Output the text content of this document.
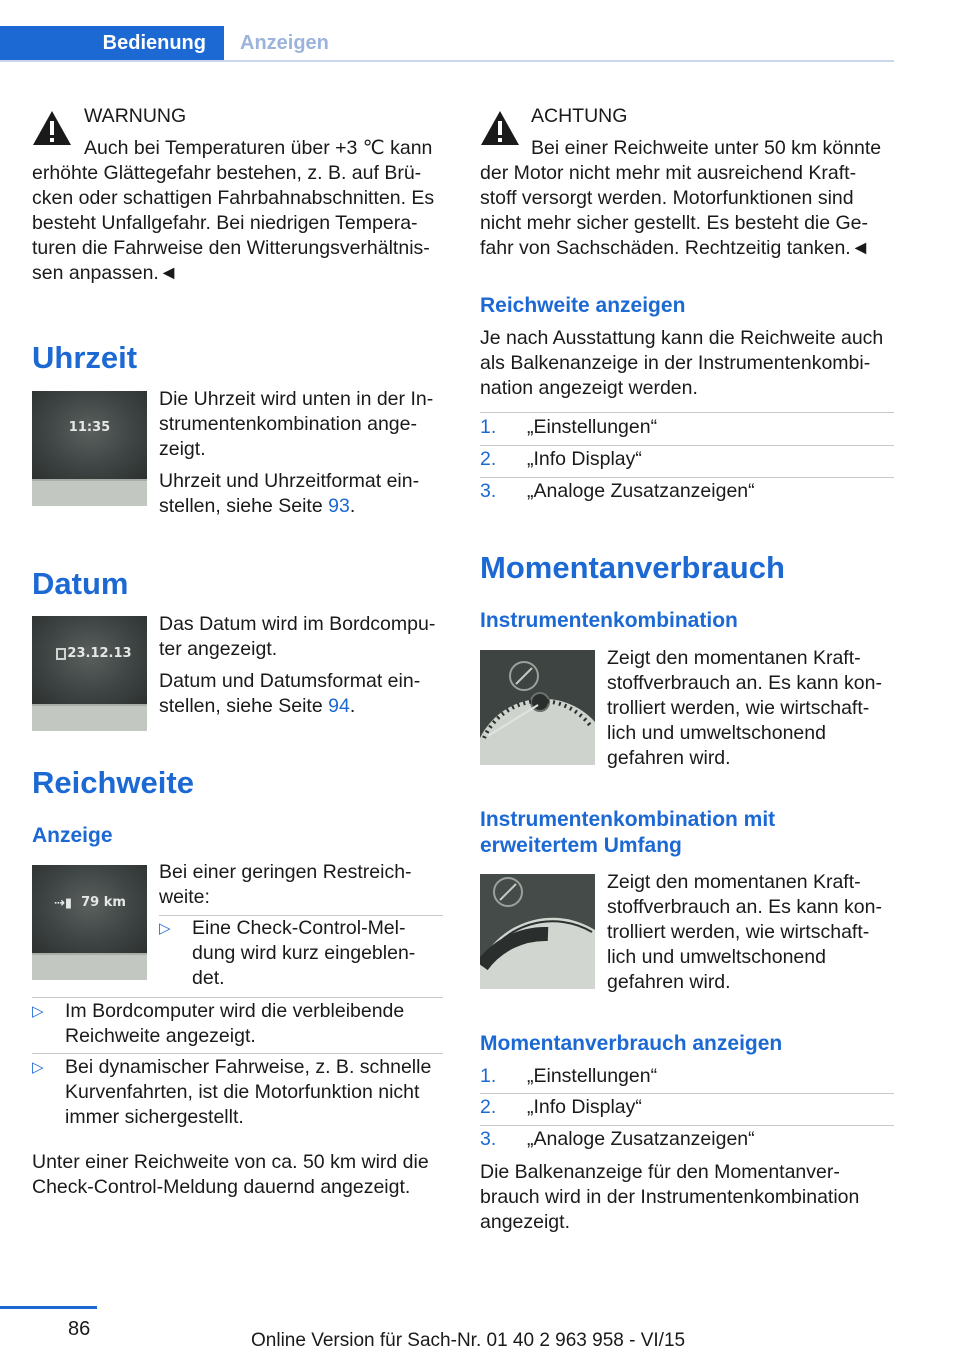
Bedienung	Anzeigen
WARNUNG
Auch bei Temperaturen über +3 ℃ kann
erhöhte Glättegefahr bestehen, z. B. auf Brü-
cken oder schattigen Fahrbahnabschnitten. Es
besteht Unfallgefahr. Bei niedrigen Tempera-
turen die Fahrweise den Witterungsverhältnis-
sen anpassen.◄
Uhrzeit
11:35
Die Uhrzeit wird unten in der In-
strumentenkombination ange-
zeigt.
Uhrzeit und Uhrzeitformat ein-
stellen, siehe Seite 93.
Datum
23.12.13
Das Datum wird im Bordcompu-
ter angezeigt.
Datum und Datumsformat ein-
stellen, siehe Seite 94.
Reichweite
Anzeige
⇢▮ 79 km
Bei einer geringen Restreich-
weite:
▷ Eine Check-Control-Mel-
dung wird kurz eingeblen-
det.
▷ Im Bordcomputer wird die verbleibende
Reichweite angezeigt.
▷ Bei dynamischer Fahrweise, z. B. schnelle
Kurvenfahrten, ist die Motorfunktion nicht
immer sichergestellt.
Unter einer Reichweite von ca. 50 km wird die
Check-Control-Meldung dauernd angezeigt.
ACHTUNG
Bei einer Reichweite unter 50 km könnte
der Motor nicht mehr mit ausreichend Kraft-
stoff versorgt werden. Motorfunktionen sind
nicht mehr sicher gestellt. Es besteht die Ge-
fahr von Sachschäden. Rechtzeitig tanken.◄
Reichweite anzeigen
Je nach Ausstattung kann die Reichweite auch
als Balkenanzeige in der Instrumentenkombi-
nation angezeigt werden.
1. „Einstellungen“
2. „Info Display“
3. „Analoge Zusatzanzeigen“
Momentanverbrauch
Instrumentenkombination
Zeigt den momentanen Kraft-
stoffverbrauch an. Es kann kon-
trolliert werden, wie wirtschaft-
lich und umweltschonend
gefahren wird.
Instrumentenkombination mit
erweitertem Umfang
Zeigt den momentanen Kraft-
stoffverbrauch an. Es kann kon-
trolliert werden, wie wirtschaft-
lich und umweltschonend
gefahren wird.
Momentanverbrauch anzeigen
1. „Einstellungen“
2. „Info Display“
3. „Analoge Zusatzanzeigen“
Die Balkenanzeige für den Momentanver-
brauch wird in der Instrumentenkombination
angezeigt.
86
Online Version für Sach-Nr. 01 40 2 963 958 - VI/15
